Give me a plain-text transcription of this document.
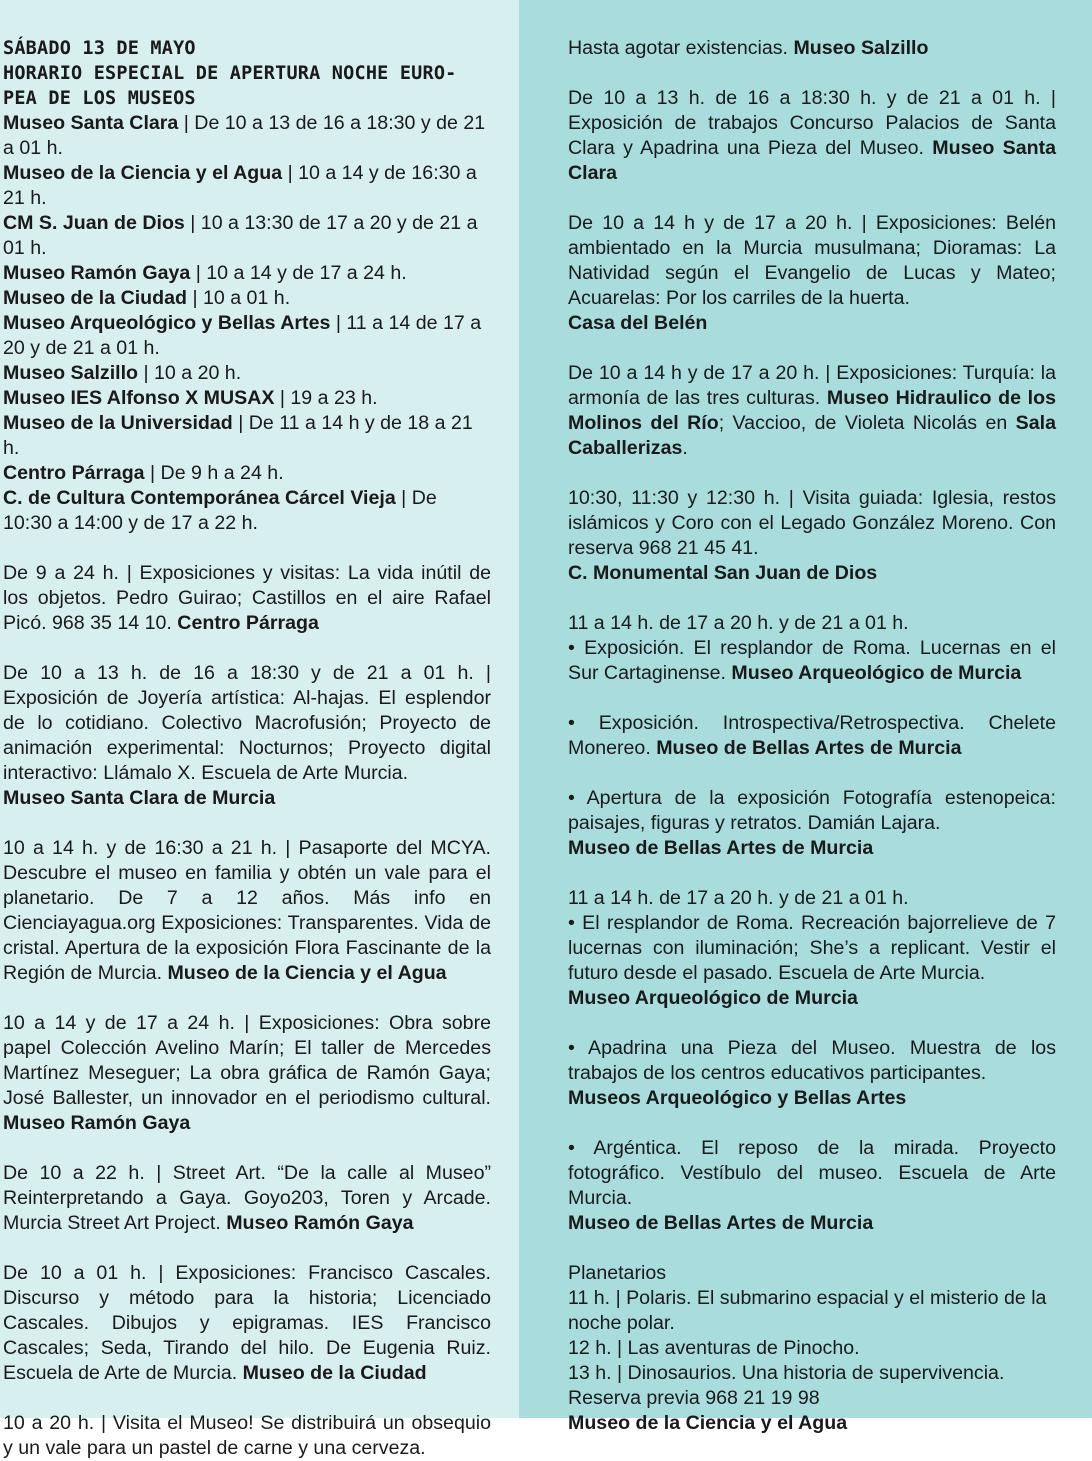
SÁBADO 13 DE MAYO
HORARIO ESPECIAL DE APERTURA NOCHE EURO-
PEA DE LOS MUSEOS
Museo Santa Clara | De 10 a 13 de 16 a 18:30 y de 21 a 01 h.
Museo de la Ciencia y el Agua | 10 a 14 y de 16:30 a 21 h.
CM S. Juan de Dios | 10 a 13:30 de 17 a 20 y de 21 a 01 h.
Museo Ramón Gaya | 10 a 14 y de 17 a 24 h.
Museo de la Ciudad | 10 a 01 h.
Museo Arqueológico y Bellas Artes | 11 a 14 de 17 a 20 y de 21 a 01 h.
Museo Salzillo | 10 a 20 h.
Museo IES Alfonso X MUSAX | 19 a 23 h.
Museo de la Universidad | De 11 a 14 h y de 18 a 21 h.
Centro Párraga | De 9 h a 24 h.
C. de Cultura Contemporánea Cárcel Vieja | De 10:30 a 14:00 y de 17 a 22 h.
De 9 a 24 h. | Exposiciones y visitas: La vida inútil de los objetos. Pedro Guirao; Castillos en el aire Rafael Picó. 968 35 14 10. Centro Párraga
De 10 a 13 h. de 16 a 18:30 y de 21 a 01 h. | Exposición de Joyería artística: Al-hajas. El esplendor de lo cotidiano. Colectivo Macrofusión; Proyecto de animación experimental: Nocturnos; Proyecto digital interactivo: Llámalo X. Escuela de Arte Murcia.
Museo Santa Clara de Murcia
10 a 14 h. y de 16:30 a 21 h. | Pasaporte del MCYA. Descubre el museo en familia y obtén un vale para el planetario. De 7 a 12 años. Más info en Cienciayagua.org Exposiciones: Transparentes. Vida de cristal. Apertura de la exposición Flora Fascinante de la Región de Murcia. Museo de la Ciencia y el Agua
10 a 14 y de 17 a 24 h. | Exposiciones: Obra sobre papel Colección Avelino Marín; El taller de Mercedes Martínez Meseguer; La obra gráfica de Ramón Gaya; José Ballester, un innovador en el periodismo cultural. Museo Ramón Gaya
De 10 a 22 h. | Street Art. “De la calle al Museo” Reinterpretando a Gaya. Goyo203, Toren y Arcade. Murcia Street Art Project. Museo Ramón Gaya
De 10 a 01 h. | Exposiciones: Francisco Cascales. Discurso y método para la historia; Licenciado Cascales. Dibujos y epigramas. IES Francisco Cascales; Seda, Tirando del hilo. De Eugenia Ruiz. Escuela de Arte de Murcia. Museo de la Ciudad
10 a 20 h. | Visita el Museo! Se distribuirá un obsequio y un vale para un pastel de carne y una cerveza.
Hasta agotar existencias. Museo Salzillo
De 10 a 13 h. de 16 a 18:30 h. y de 21 a 01 h. | Exposición de trabajos Concurso Palacios de Santa Clara y Apadrina una Pieza del Museo. Museo Santa Clara
De 10 a 14 h y de 17 a 20 h. | Exposiciones: Belén ambientado en la Murcia musulmana; Dioramas: La Natividad según el Evangelio de Lucas y Mateo; Acuarelas: Por los carriles de la huerta.
Casa del Belén
De 10 a 14 h y de 17 a 20 h. | Exposiciones: Turquía: la armonía de las tres culturas. Museo Hidraulico de los Molinos del Río; Vaccioo, de Violeta Nicolás en Sala Caballerizas.
10:30, 11:30 y 12:30 h. | Visita guiada: Iglesia, restos islámicos y Coro con el Legado González Moreno. Con reserva 968 21 45 41.
C. Monumental San Juan de Dios
11 a 14 h. de 17 a 20 h. y de 21 a 01 h.
• Exposición. El resplandor de Roma. Lucernas en el Sur Cartaginense. Museo Arqueológico de Murcia
• Exposición. Introspectiva/Retrospectiva. Chelete Monereo. Museo de Bellas Artes de Murcia
• Apertura de la exposición Fotografía estenopeica: paisajes, figuras y retratos. Damián Lajara.
Museo de Bellas Artes de Murcia
11 a 14 h. de 17 a 20 h. y de 21 a 01 h.
• El resplandor de Roma. Recreación bajorrelieve de 7 lucernas con iluminación; She’s a replicant. Vestir el futuro desde el pasado. Escuela de Arte Murcia.
Museo Arqueológico de Murcia
• Apadrina una Pieza del Museo. Muestra de los trabajos de los centros educativos participantes.
Museos Arqueológico y Bellas Artes
• Argéntica. El reposo de la mirada. Proyecto fotográfico. Vestíbulo del museo. Escuela de Arte Murcia.
Museo de Bellas Artes de Murcia
Planetarios
11 h. | Polaris. El submarino espacial y el misterio de la noche polar.
12 h. | Las aventuras de Pinocho.
13 h. | Dinosaurios. Una historia de supervivencia.
Reserva previa 968 21 19 98
Museo de la Ciencia y el Agua
